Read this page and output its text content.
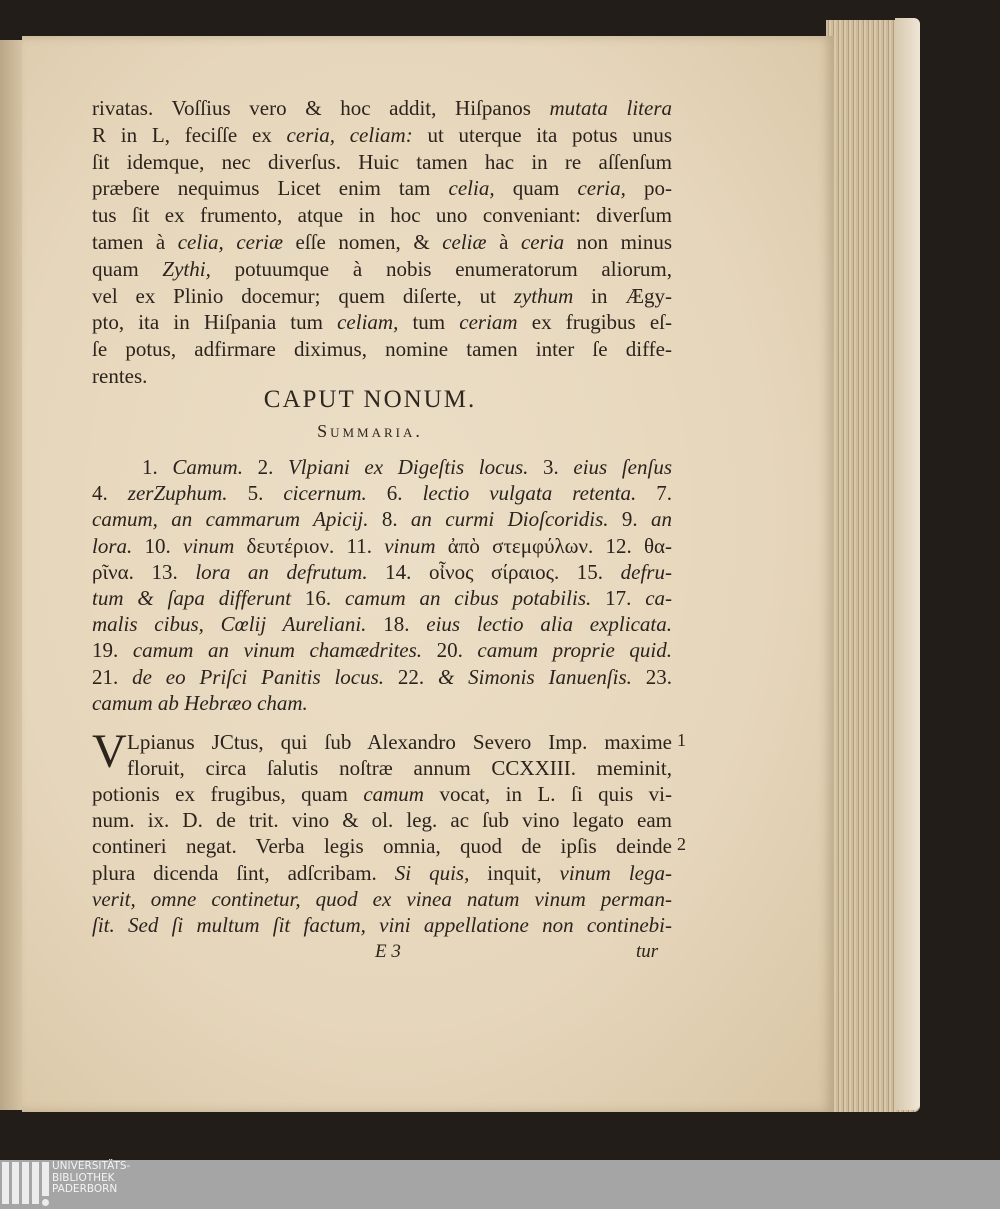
rivatas. Voſſius vero & hoc addit, Hiſpanos mutata litera
R in L, feciſſe ex ceria, celiam: ut uterque ita potus unus
ſit idemque, nec diverſus. Huic tamen hac in re aſſenſum
præbere nequimus Licet enim tam celia, quam ceria, po-
tus ſit ex frumento, atque in hoc uno conveniant: diverſum
tamen à celia, ceriæ eſſe nomen, & celiæ à ceria non minus
quam Zythi, potuumque à nobis enumeratorum aliorum,
vel ex Plinio docemur; quem diſerte, ut zythum in Ægy-
pto, ita in Hiſpania tum celiam, tum ceriam ex frugibus eſ-
ſe potus, adfirmare diximus, nomine tamen inter ſe diffe-
rentes.
CAPUT NONUM.
Summaria.
1. Camum. 2. Vlpiani ex Digeſtis locus. 3. eius ſenſus
4. zerZuphum. 5. cicernum. 6. lectio vulgata retenta. 7.
camum, an cammarum Apicij. 8. an curmi Dioſcoridis. 9. an
lora. 10. vinum δευτέριον. 11. vinum ἀπὸ στεμφύλων. 12. θα-
ρῖνα. 13. lora an defrutum. 14. οἶνος σίραιος. 15. defru-
tum & ſapa differunt 16. camum an cibus potabilis. 17. ca-
malis cibus, Cœlij Aureliani. 18. eius lectio alia explicata.
19. camum an vinum chamædrites. 20. camum proprie quid.
21. de eo Priſci Panitis locus. 22. & Simonis Ianuenſis. 23.
camum ab Hebræo cham.
V Lpianus JCtus, qui ſub Alexandro Severo Imp. maxime
floruit, circa ſalutis noſtræ annum CCXXIII. meminit,
potionis ex frugibus, quam camum vocat, in L. ſi quis vi-
num. ix. D. de trit. vino & ol. leg. ac ſub vino legato eam
contineri negat. Verba legis omnia, quod de ipſis deinde
plura dicenda ſint, adſcribam. Si quis, inquit, vinum lega-
verit, omne continetur, quod ex vinea natum vinum perman-
ſit. Sed ſi multum ſit factum, vini appellatione non continebi-
1
2
E 3	tur
UNIVERSITÄTS-
BIBLIOTHEK
PADERBORN
